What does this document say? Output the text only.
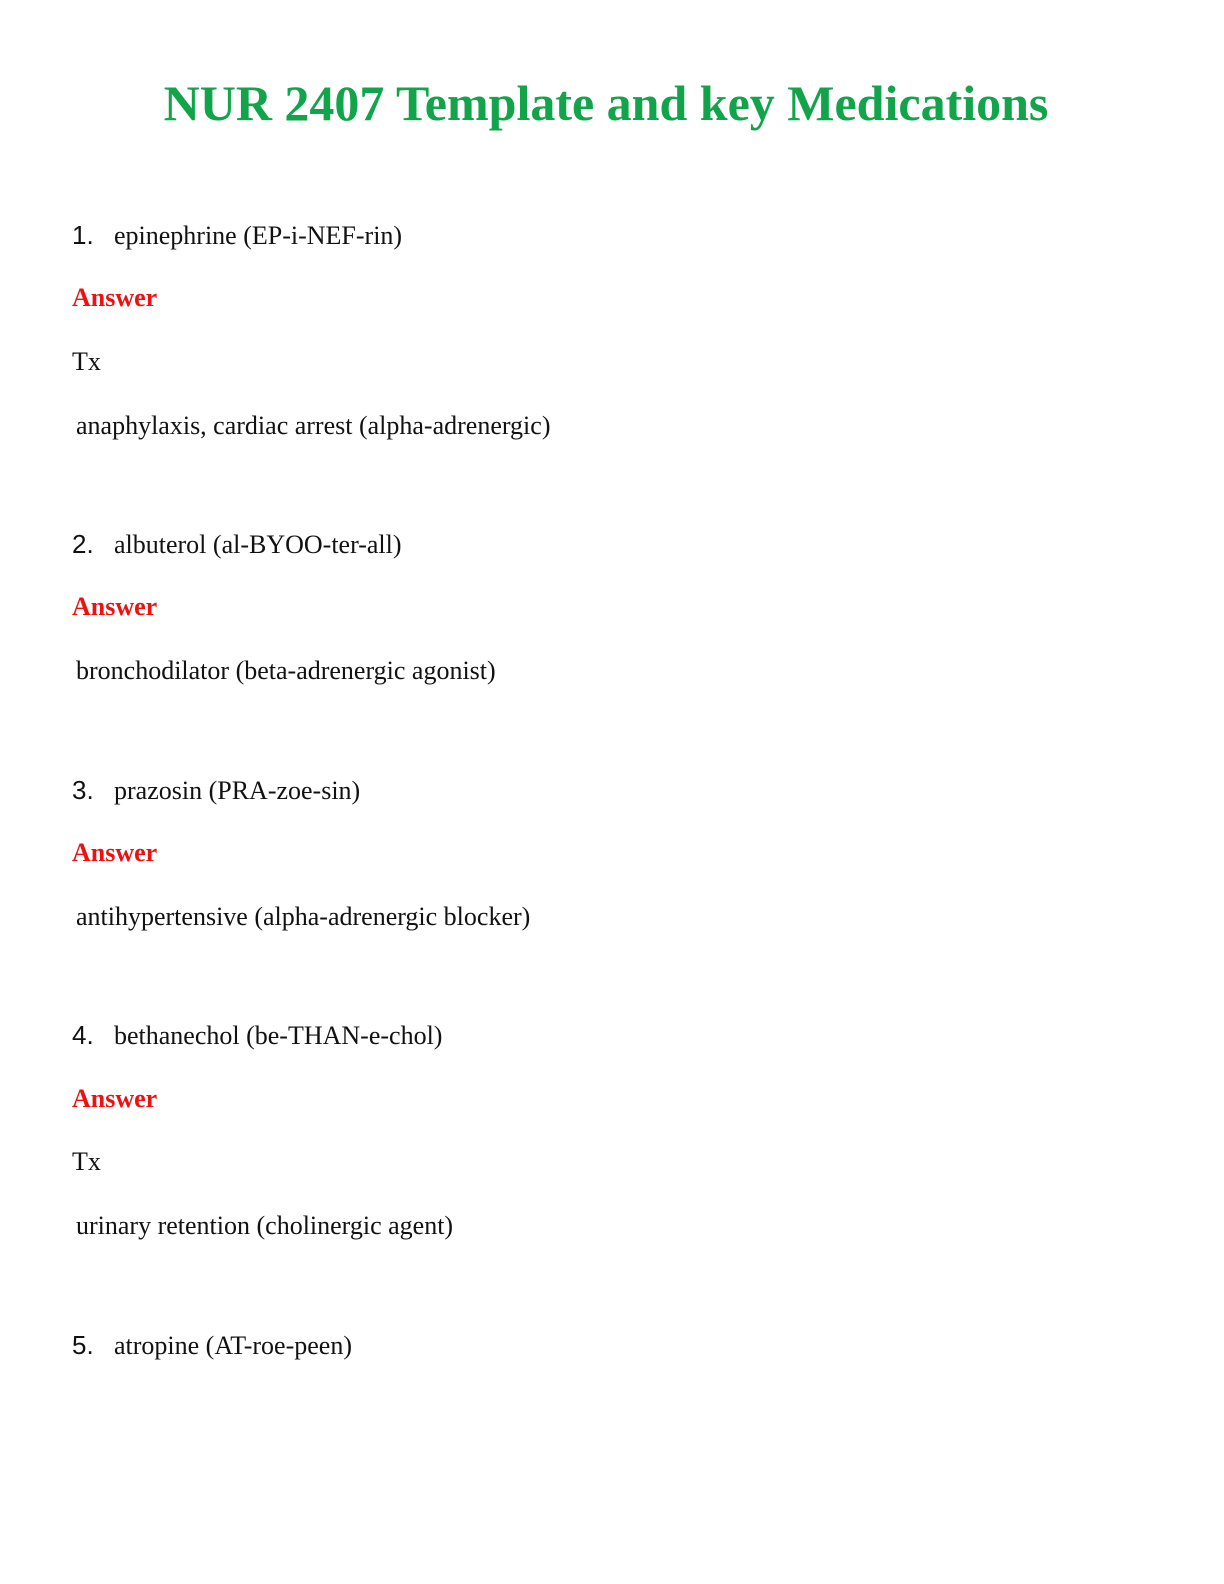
NUR 2407 Template and key Medications
1. epinephrine (EP-i-NEF-rin)
Answer
Tx
anaphylaxis, cardiac arrest (alpha-adrenergic)
2. albuterol (al-BYOO-ter-all)
Answer
bronchodilator (beta-adrenergic agonist)
3. prazosin (PRA-zoe-sin)
Answer
antihypertensive (alpha-adrenergic blocker)
4. bethanechol (be-THAN-e-chol)
Answer
Tx
urinary retention (cholinergic agent)
5. atropine (AT-roe-peen)
